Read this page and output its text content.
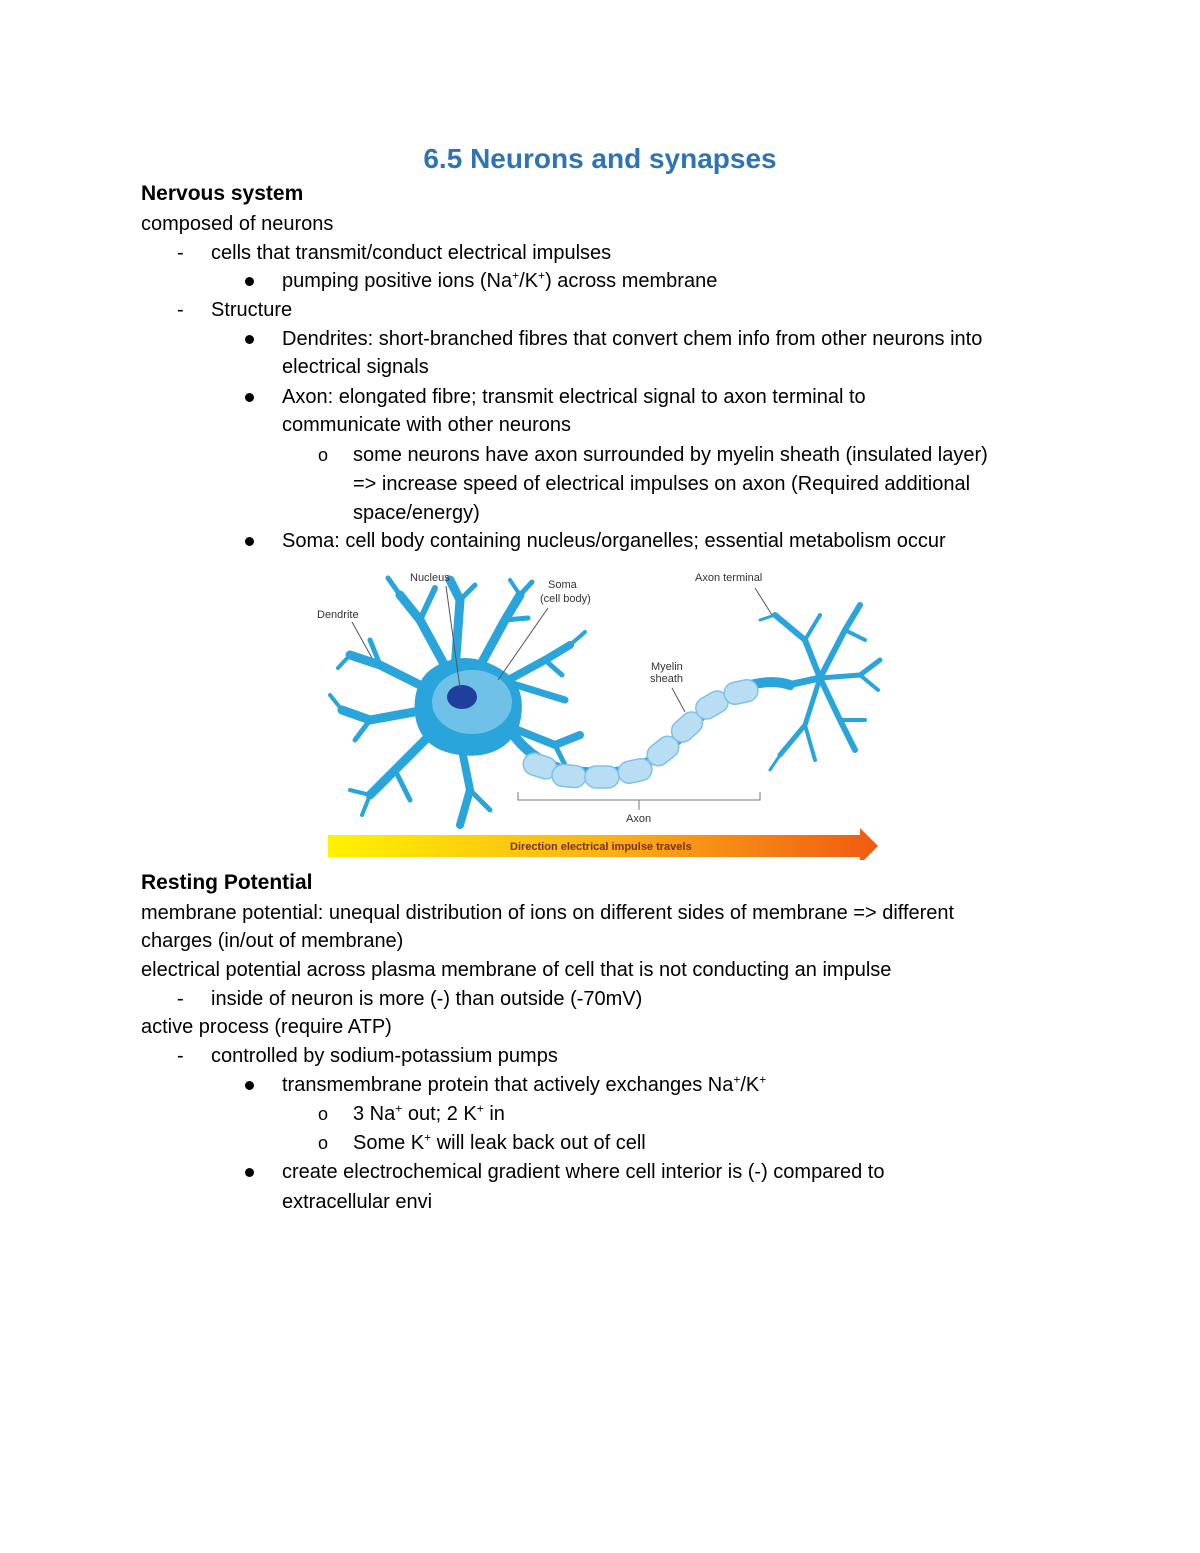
6.5 Neurons and synapses
Nervous system
composed of neurons
- cells that transmit/conduct electrical impulses
pumping positive ions (Na+/K+) across membrane
- Structure
Dendrites: short-branched fibres that convert chem info from other neurons into
electrical signals
Axon: elongated fibre; transmit electrical signal to axon terminal to
communicate with other neurons
o some neurons have axon surrounded by myelin sheath (insulated layer)
=> increase speed of electrical impulses on axon (Required additional
space/energy)
Soma: cell body containing nucleus/organelles; essential metabolism occur
Nucleus
Soma
(cell body)
Axon terminal
Dendrite
Myelin
sheath
Axon
Direction electrical impulse travels
Resting Potential
membrane potential: unequal distribution of ions on different sides of membrane => different
charges (in/out of membrane)
electrical potential across plasma membrane of cell that is not conducting an impulse
- inside of neuron is more (-) than outside (-70mV)
active process (require ATP)
- controlled by sodium-potassium pumps
transmembrane protein that actively exchanges Na+/K+
o 3 Na+ out; 2 K+ in
o Some K+ will leak back out of cell
create electrochemical gradient where cell interior is (-) compared to
extracellular envi
